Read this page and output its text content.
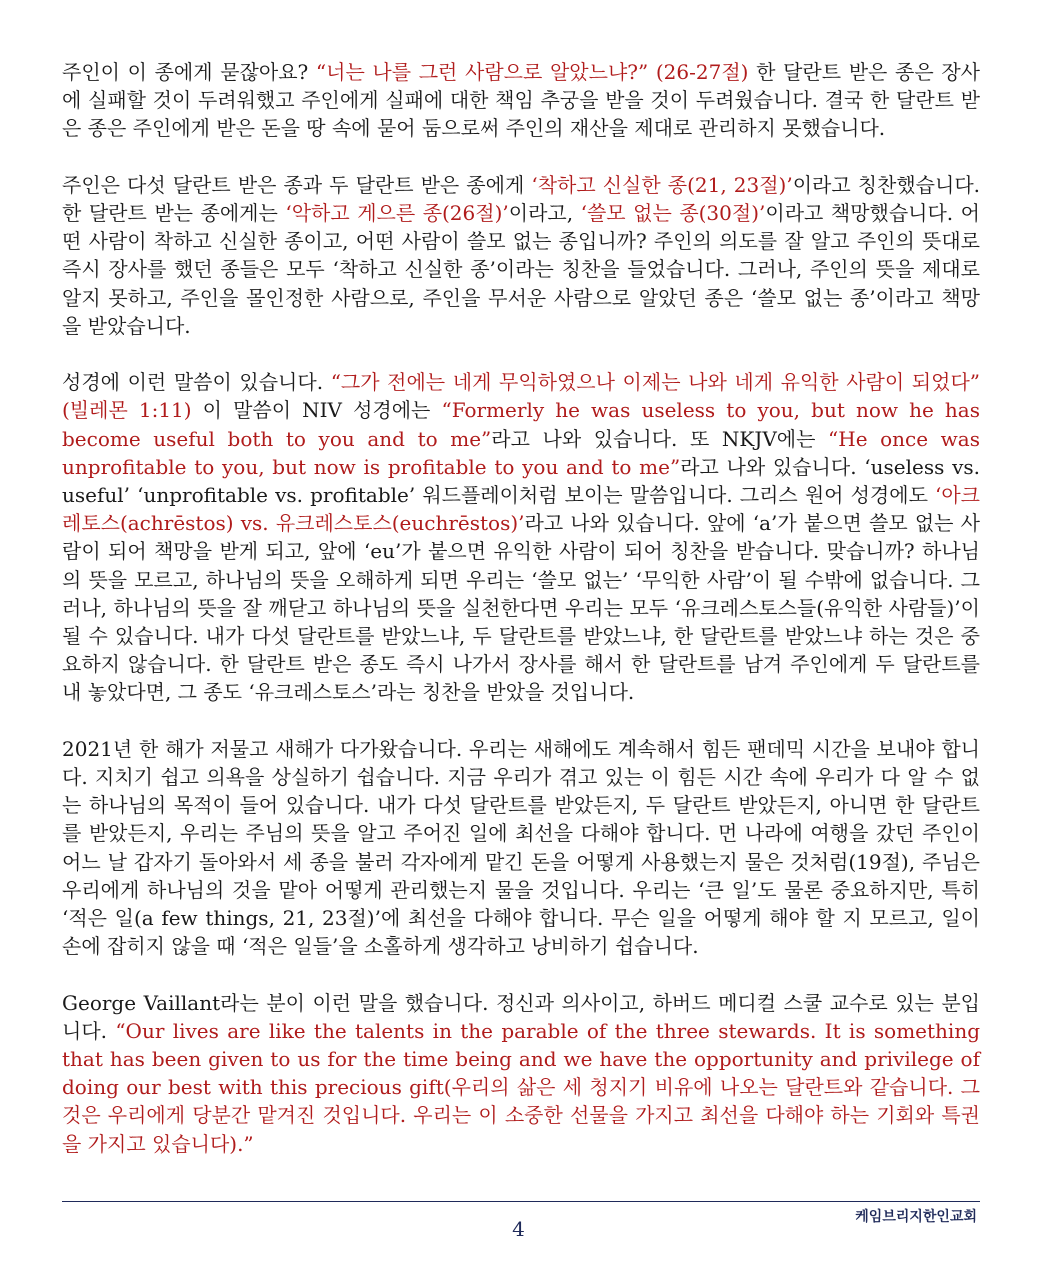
주인이 이 종에게 묻잖아요? “너는 나를 그런 사람으로 알았느냐?” (26-27절) 한 달란트 받은 종은 장사에 실패할 것이 두려워했고 주인에게 실패에 대한 책임 추궁을 받을 것이 두려웠습니다. 결국 한 달란트 받은 종은 주인에게 받은 돈을 땅 속에 묻어 둠으로써 주인의 재산을 제대로 관리하지 못했습니다.

주인은 다섯 달란트 받은 종과 두 달란트 받은 종에게 ‘착하고 신실한 종(21, 23절)’이라고 칭찬했습니다. 한 달란트 받는 종에게는 ‘악하고 게으른 종(26절)’이라고, ‘쓸모 없는 종(30절)’이라고 책망했습니다. 어떤 사람이 착하고 신실한 종이고, 어떤 사람이 쓸모 없는 종입니까? 주인의 의도를 잘 알고 주인의 뜻대로 즉시 장사를 했던 종들은 모두 ‘착하고 신실한 종’이라는 칭찬을 들었습니다. 그러나, 주인의 뜻을 제대로 알지 못하고, 주인을 몰인정한 사람으로, 주인을 무서운 사람으로 알았던 종은 ‘쓸모 없는 종’이라고 책망을 받았습니다.

성경에 이런 말씀이 있습니다. “그가 전에는 네게 무익하였으나 이제는 나와 네게 유익한 사람이 되었다” (빌레몬 1:11) 이 말씀이 NIV 성경에는 “Formerly he was useless to you, but now he has become useful both to you and to me”라고 나와 있습니다. 또 NKJV에는 “He once was unprofitable to you, but now is profitable to you and to me”라고 나와 있습니다. ‘useless vs. useful’ ‘unprofitable vs. profitable’ 워드플레이처럼 보이는 말씀입니다. 그리스 원어 성경에도 ‘아크레토스(achrēstos) vs. 유크레스토스(euchrēstos)’라고 나와 있습니다. 앞에 ‘a’가 붙으면 쓸모 없는 사람이 되어 책망을 받게 되고, 앞에 ‘eu’가 붙으면 유익한 사람이 되어 칭찬을 받습니다. 맞습니까? 하나님의 뜻을 모르고, 하나님의 뜻을 오해하게 되면 우리는 ‘쓸모 없는’ ‘무익한 사람’이 될 수밖에 없습니다. 그러나, 하나님의 뜻을 잘 깨닫고 하나님의 뜻을 실천한다면 우리는 모두 ‘유크레스토스들(유익한 사람들)’이 될 수 있습니다. 내가 다섯 달란트를 받았느냐, 두 달란트를 받았느냐, 한 달란트를 받았느냐 하는 것은 중요하지 않습니다. 한 달란트 받은 종도 즉시 나가서 장사를 해서 한 달란트를 남겨 주인에게 두 달란트를 내 놓았다면, 그 종도 ‘유크레스토스’라는 칭찬을 받았을 것입니다.

2021년 한 해가 저물고 새해가 다가왔습니다. 우리는 새해에도 계속해서 힘든 팬데믹 시간을 보내야 합니다. 지치기 쉽고 의욕을 상실하기 쉽습니다. 지금 우리가 겪고 있는 이 힘든 시간 속에 우리가 다 알 수 없는 하나님의 목적이 들어 있습니다. 내가 다섯 달란트를 받았든지, 두 달란트 받았든지, 아니면 한 달란트를 받았든지, 우리는 주님의 뜻을 알고 주어진 일에 최선을 다해야 합니다. 먼 나라에 여행을 갔던 주인이 어느 날 갑자기 돌아와서 세 종을 불러 각자에게 맡긴 돈을 어떻게 사용했는지 물은 것처럼(19절), 주님은 우리에게 하나님의 것을 맡아 어떻게 관리했는지 물을 것입니다. 우리는 ‘큰 일’도 물론 중요하지만, 특히 ‘적은 일(a few things, 21, 23절)’에 최선을 다해야 합니다. 무슨 일을 어떻게 해야 할 지 모르고, 일이 손에 잡히지 않을 때 ‘적은 일들’을 소홀하게 생각하고 낭비하기 쉽습니다.

George Vaillant라는 분이 이런 말을 했습니다. 정신과 의사이고, 하버드 메디컬 스쿨 교수로 있는 분입니다. “Our lives are like the talents in the parable of the three stewards. It is something that has been given to us for the time being and we have the opportunity and privilege of doing our best with this precious gift(우리의 삶은 세 청지기 비유에 나오는 달란트와 같습니다. 그것은 우리에게 당분간 맡겨진 것입니다. 우리는 이 소중한 선물을 가지고 최선을 다해야 하는 기회와 특권을 가지고 있습니다).”

4	케임브리지한인교회
